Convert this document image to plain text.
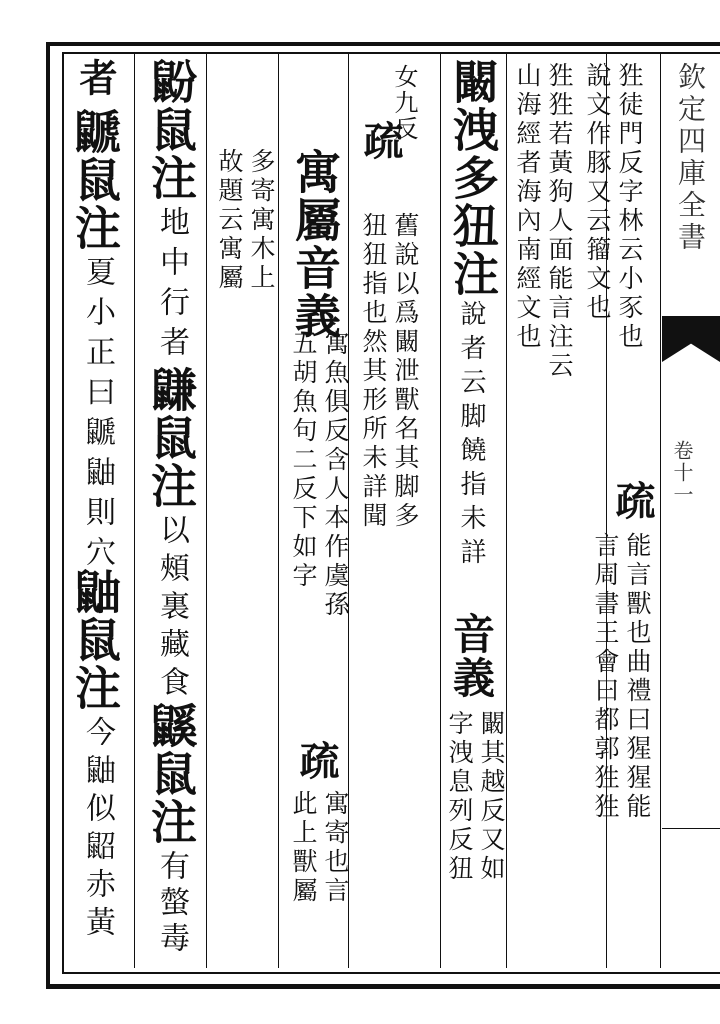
欽定四庫全書
卷十一
狌徒門反字林云小豕也
說文作豚又云籀文也
狌狌若黃狗人面能言注云
山海經者海內南經文也
疏
能言獸也曲禮曰猩猩能
言周書王會曰都郭狌狌
闞洩多狃注
說者云脚饒指未詳
音義
闞其越反又如
字洩息列反狃
女九反
疏
舊說以爲闞泄獸名其脚多
狃狃指也然其形所未詳聞
寓屬音義
寓魚俱反含人本作虞孫
五胡魚句二反下如字
疏
寓寄也言
此上獸屬
多寄寓木上
故題云寓屬
鼢鼠注
地中行者
鼸鼠注
以頰裏藏食
鼷鼠注
有螫毒
者
鼶鼠注
夏小正曰鼶鼬則穴
鼬鼠注
今鼬似鼦赤黃
